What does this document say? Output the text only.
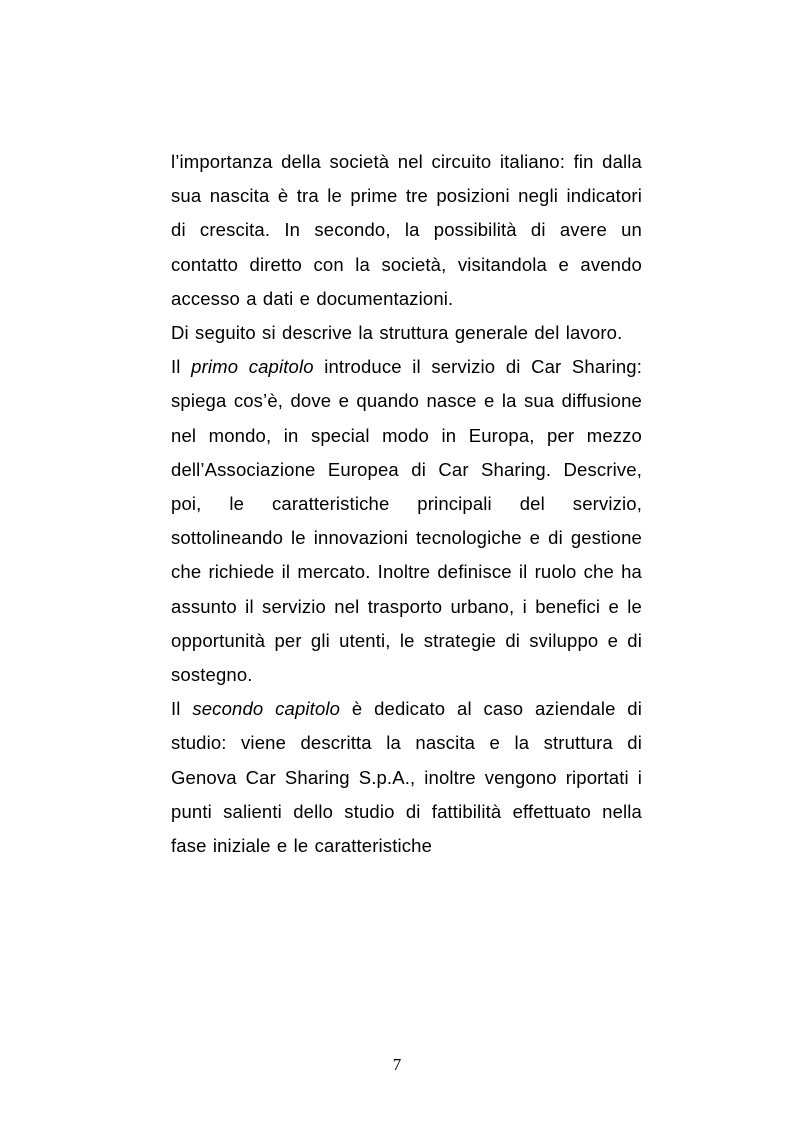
l’importanza della società nel circuito italiano: fin dalla sua nascita è tra le prime tre posizioni negli indicatori di crescita. In secondo, la possibilità di avere un contatto diretto con la società, visitandola e avendo accesso a dati e documentazioni.

Di seguito si descrive la struttura generale del lavoro.

Il primo capitolo introduce il servizio di Car Sharing: spiega cos’è, dove e quando nasce e la sua diffusione nel mondo, in special modo in Europa, per mezzo dell’Associazione Europea di Car Sharing. Descrive, poi, le caratteristiche principali del servizio, sottolineando le innovazioni tecnologiche e di gestione che richiede il mercato. Inoltre definisce il ruolo che ha assunto il servizio nel trasporto urbano, i benefici e le opportunità per gli utenti, le strategie di sviluppo e di sostegno.

Il secondo capitolo è dedicato al caso aziendale di studio: viene descritta la nascita e la struttura di Genova Car Sharing S.p.A., inoltre vengono riportati i punti salienti dello studio di fattibilità effettuato nella fase iniziale e le caratteristiche

7
